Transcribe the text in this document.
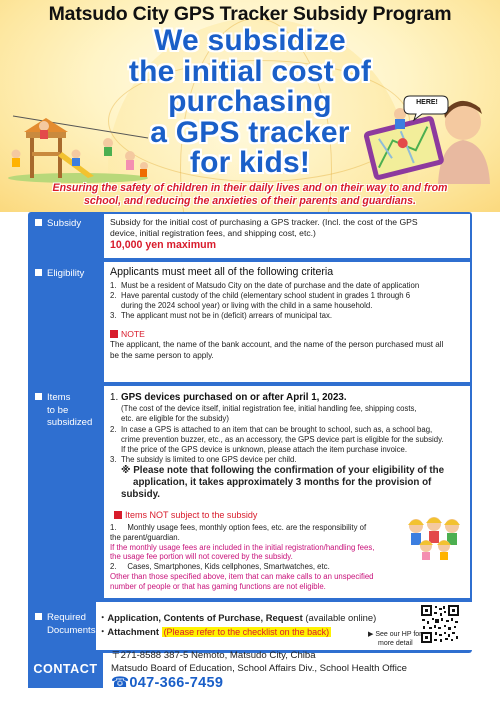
Matsudo City GPS Tracker Subsidy Program
We subsidize
the initial cost of
purchasing
a GPS tracker
for kids!
HERE!
Ensuring the safety of children in their daily lives and on their way to and from
school, and reducing the anxieties of their parents and guardians.
Subsidy	Subsidy for the initial cost of purchasing a GPS tracker. (Incl. the cost of the GPS

device, initial registration fees, and shipping cost, etc.)

10,000 yen maximum

Eligibility	Applicants must meet all of the following criteria

1. Must be a resident of Matsudo City on the date of purchase and the date of application
2. Have parental custody of the child (elementary school student in grades 1 through 6
during the 2024 school year) or living with the child in a same household.
3. The applicant must not be in (deficit) arrears of municipal tax.

NOTE

The applicant, the name of the bank account, and the name of the person purchased must all

be the same person to apply.

Items
to be
subsidized
1. GPS devices purchased on or after April 1, 2023.
(The cost of the device itself, initial registration fee, initial handling fee, shipping costs,
etc. are eligible for the subsidy)
2. In case a GPS is attached to an item that can be brought to school, such as, a school bag,
crime prevention buzzer, etc., as an accessory, the GPS device part is eligible for the subsidy.
If the price of the GPS device is unknown, please attach the item purchase invoice.
3. The subsidy is limited to one GPS device per child.

※ Please note that following the confirmation of your eligibility of the
application, it takes approximately 3 months for the provision of subsidy.

Items NOT subject to the subsidy

1. Monthly usage fees, monthly option fees, etc. are the responsibility of

the parent/guardian.

If the monthly usage fees are included in the initial registration/handling fees,

the usage fee portion will not covered by the subsidy.

2. Cases, Smartphones, Kids cellphones, Smartwatches, etc.

Other than those specified above, item that can make calls to an unspecified

number of people or that has gaming functions are not eligible.

Required
Documents

・Application, Contents of Purchase, Request (available online)

・Attachment (Please refer to the checklist on the back)	▶ See our HP for
more detail

CONTACT
〒271-8588 387-5 Nemoto, Matsudo City, Chiba
Matsudo Board of Education, School Affairs Div., School Health Office
☎047-366-7459
